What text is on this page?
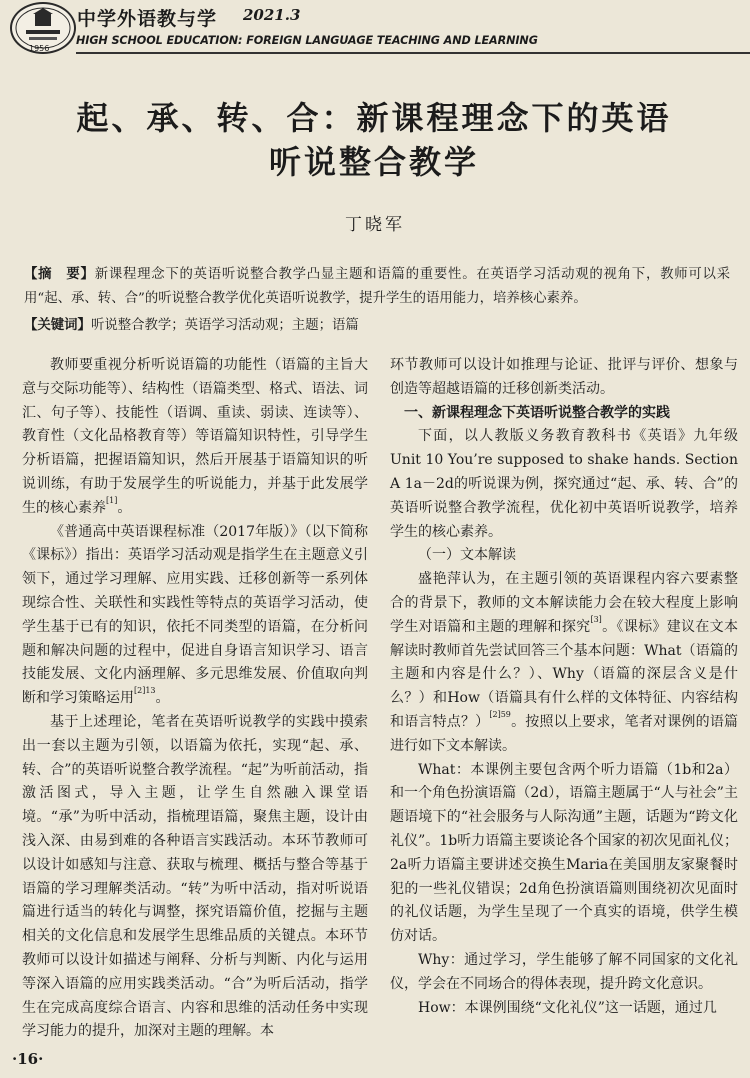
1956
中学外语教与学 2021.3
HIGH SCHOOL EDUCATION: FOREIGN LANGUAGE TEACHING AND LEARNING
起、承、转、合：新课程理念下的英语
听说整合教学
丁晓军
【摘　要】新课程理念下的英语听说整合教学凸显主题和语篇的重要性。在英语学习活动观的视角下，教师可以采用“起、承、转、合”的听说整合教学优化英语听说教学，提升学生的语用能力，培养核心素养。
【关键词】听说整合教学；英语学习活动观；主题；语篇

教师要重视分析听说语篇的功能性（语篇的主旨大意与交际功能等）、结构性（语篇类型、格式、语法、词汇、句子等）、技能性（语调、重读、弱读、连读等）、教育性（文化品格教育等）等语篇知识特性，引导学生分析语篇，把握语篇知识，然后开展基于语篇知识的听说训练，有助于发展学生的听说能力，并基于此发展学生的核心素养[1]。

《普通高中英语课程标准（2017年版）》（以下简称《课标》）指出：英语学习活动观是指学生在主题意义引领下，通过学习理解、应用实践、迁移创新等一系列体现综合性、关联性和实践性等特点的英语学习活动，使学生基于已有的知识，依托不同类型的语篇，在分析问题和解决问题的过程中，促进自身语言知识学习、语言技能发展、文化内涵理解、多元思维发展、价值取向判断和学习策略运用$^{[2]13}$。

基于上述理论，笔者在英语听说教学的实践中摸索出一套以主题为引领，以语篇为依托，实现“起、承、转、合”的英语听说整合教学流程。“起”为听前活动，指激活图式，导入主题，让学生自然融入课堂语境。“承”为听中活动，指梳理语篇，聚焦主题，设计由浅入深、由易到难的各种语言实践活动。本环节教师可以设计如感知与注意、获取与梳理、概括与整合等基于语篇的学习理解类活动。“转”为听中活动，指对听说语篇进行适当的转化与调整，探究语篇价值，挖掘与主题相关的文化信息和发展学生思维品质的关键点。本环节教师可以设计如描述与阐释、分析与判断、内化与运用等深入语篇的应用实践类活动。“合”为听后活动，指学生在完成高度综合语言、内容和思维的活动任务中实现学习能力的提升，加深对主题的理解。本

环节教师可以设计如推理与论证、批评与评价、想象与创造等超越语篇的迁移创新类活动。

一、新课程理念下英语听说整合教学的实践

下面，以人教版义务教育教科书《英语》九年级 Unit 10 You’re supposed to shake hands. Section A 1a－2d的听说课为例，探究通过“起、承、转、合”的英语听说整合教学流程，优化初中英语听说教学，培养学生的核心素养。

（一）文本解读

盛艳萍认为，在主题引领的英语课程内容六要素整合的背景下，教师的文本解读能力会在较大程度上影响学生对语篇和主题的理解和探究[3]。《课标》建议在文本解读时教师首先尝试回答三个基本问题：What（语篇的主题和内容是什么？）、Why（语篇的深层含义是什么？）和How（语篇具有什么样的文体特征、内容结构和语言特点？）$^{[2]59}$。按照以上要求，笔者对课例的语篇进行如下文本解读。

What：本课例主要包含两个听力语篇（1b和2a）和一个角色扮演语篇（2d），语篇主题属于“人与社会”主题语境下的“社会服务与人际沟通”主题，话题为“跨文化礼仪”。1b听力语篇主要谈论各个国家的初次见面礼仪；2a听力语篇主要讲述交换生Maria在美国朋友家聚餐时犯的一些礼仪错误；2d角色扮演语篇则围绕初次见面时的礼仪话题，为学生呈现了一个真实的语境，供学生模仿对话。

Why：通过学习，学生能够了解不同国家的文化礼仪，学会在不同场合的得体表现，提升跨文化意识。

How：本课例围绕“文化礼仪”这一话题，通过几

·16·
